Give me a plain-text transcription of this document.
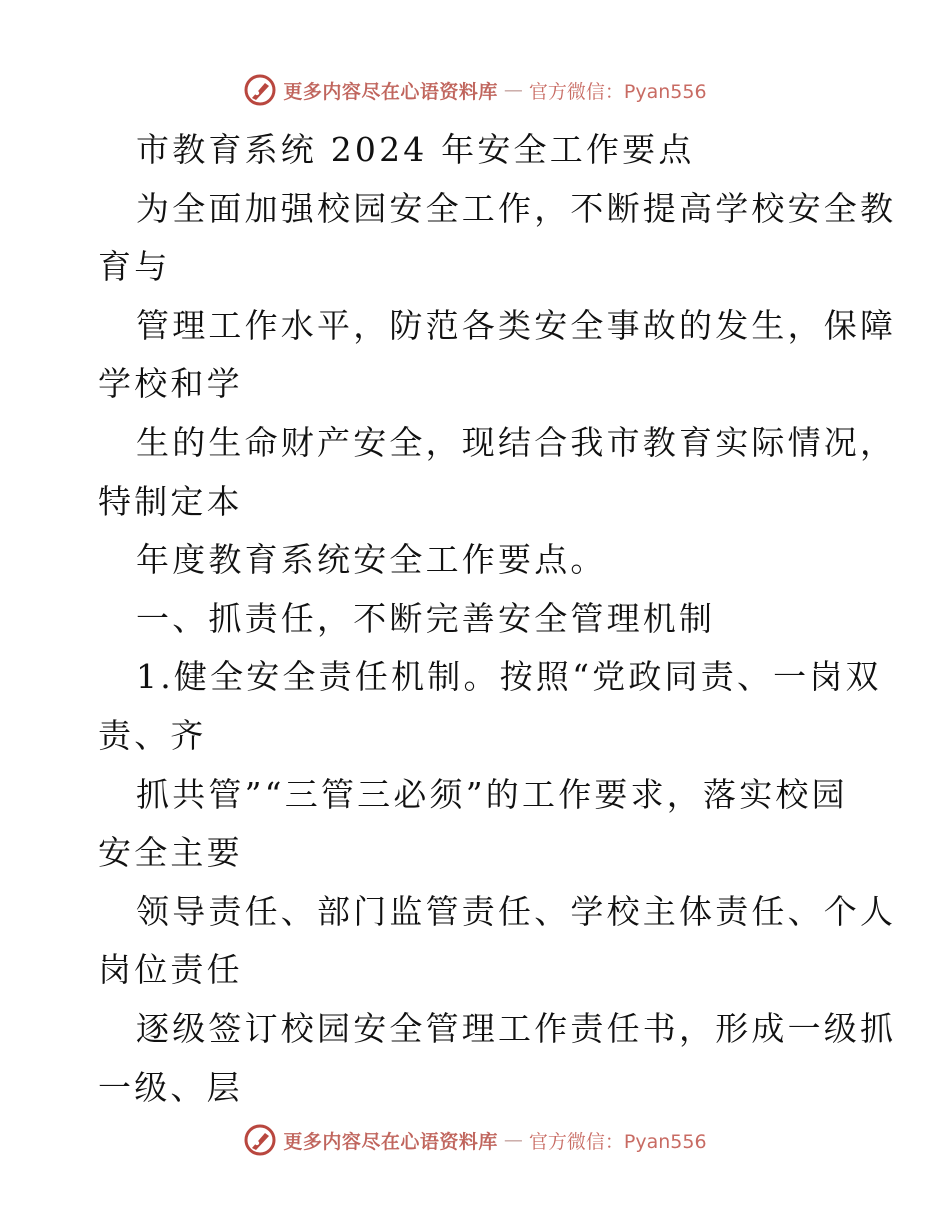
更多内容尽在心语资料库 — 官方微信：Pyan556
市教育系统 2024 年安全工作要点
为全面加强校园安全工作，不断提高学校安全教
育与
管理工作水平，防范各类安全事故的发生，保障
学校和学
生的生命财产安全，现结合我市教育实际情况，
特制定本
年度教育系统安全工作要点。
一、抓责任，不断完善安全管理机制
1.健全安全责任机制。按照“党政同责、一岗双
责、齐
抓共管”“三管三必须”的工作要求，落实校园
安全主要
领导责任、部门监管责任、学校主体责任、个人
岗位责任
逐级签订校园安全管理工作责任书，形成一级抓
一级、层
更多内容尽在心语资料库 — 官方微信：Pyan556
